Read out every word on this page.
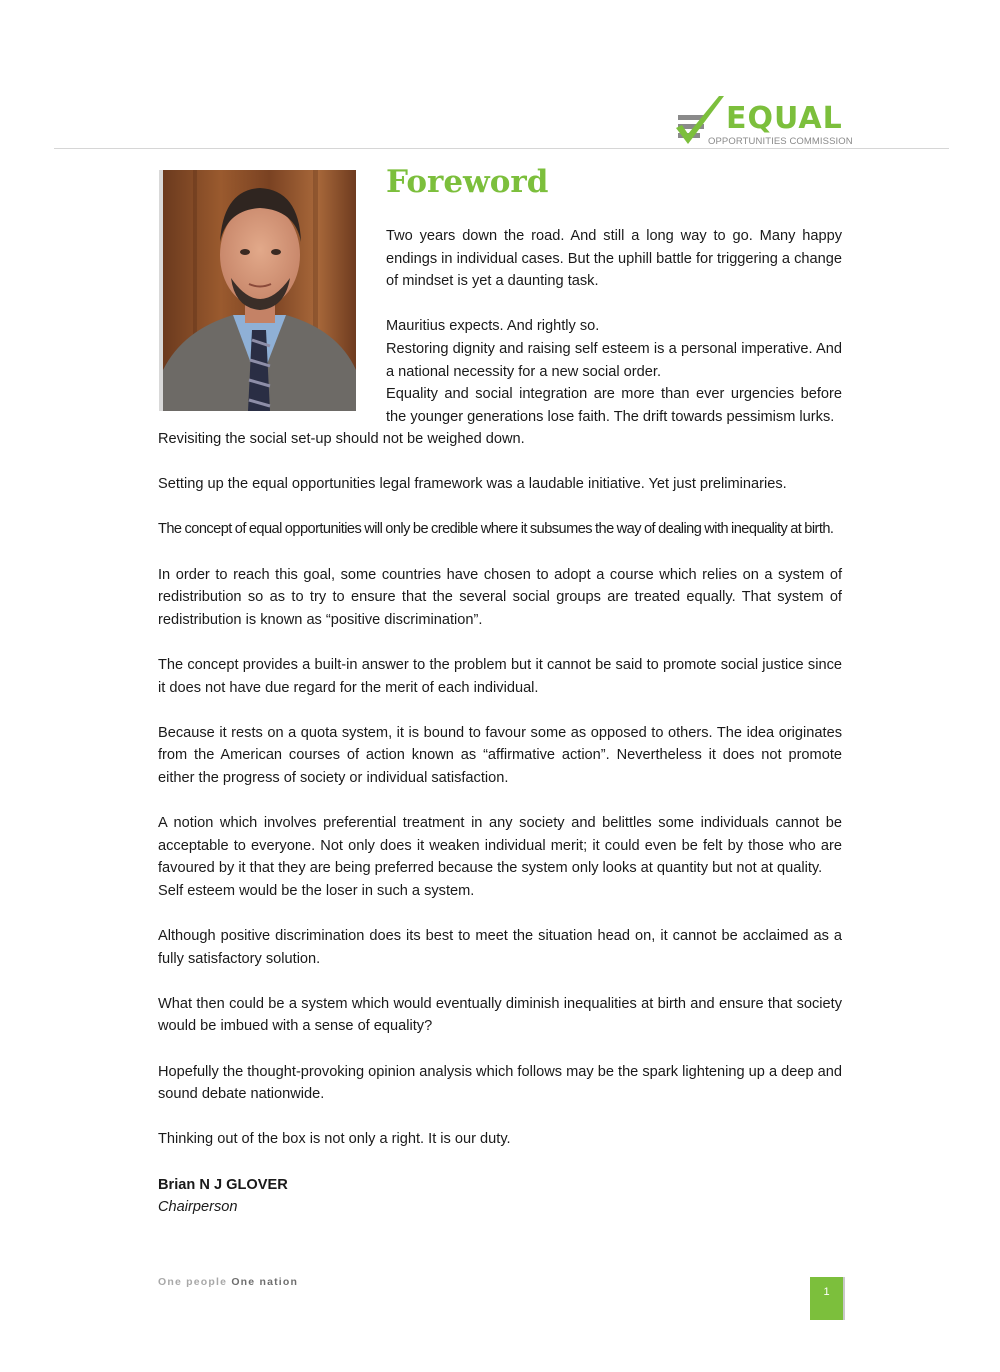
EQUAL
OPPORTUNITIES COMMISSION
Foreword

Two years down the road. And still a long way to go. Many happy endings in individual cases. But the uphill battle for triggering a change of mindset is yet a daunting task.

Mauritius expects. And rightly so.

Restoring dignity and raising self esteem is a personal imperative. And a national necessity for a new social order.

Equality and social integration are more than ever urgencies before the younger generations lose faith. The drift towards pessimism lurks.

Revisiting the social set-up should not be weighed down.

Setting up the equal opportunities legal framework was a laudable initiative. Yet just preliminaries.

The concept of equal opportunities will only be credible where it subsumes the way of dealing with inequality at birth.

In order to reach this goal, some countries have chosen to adopt a course which relies on a system of redistribution so as to try to ensure that the several social groups are treated equally. That system of redistribution is known as “positive discrimination”.

The concept provides a built-in answer to the problem but it cannot be said to promote social justice since it does not have due regard for the merit of each individual.

Because it rests on a quota system, it is bound to favour some as opposed to others. The idea originates from the American courses of action known as “affirmative action”. Nevertheless it does not promote either the progress of society or individual satisfaction.

A notion which involves preferential treatment in any society and belittles some individuals cannot be acceptable to everyone. Not only does it weaken individual merit; it could even be felt by those who are favoured by it that they are being preferred because the system only looks at quantity but not at quality.

Self esteem would be the loser in such a system.

Although positive discrimination does its best to meet the situation head on, it cannot be acclaimed as a fully satisfactory solution.

What then could be a system which would eventually diminish inequalities at birth and ensure that society would be imbued with a sense of equality?

Hopefully the thought-provoking opinion analysis which follows may be the spark lightening up a deep and sound debate nationwide.

Thinking out of the box is not only a right. It is our duty.

Brian N J GLOVER
Chairperson

One people One nation
1
